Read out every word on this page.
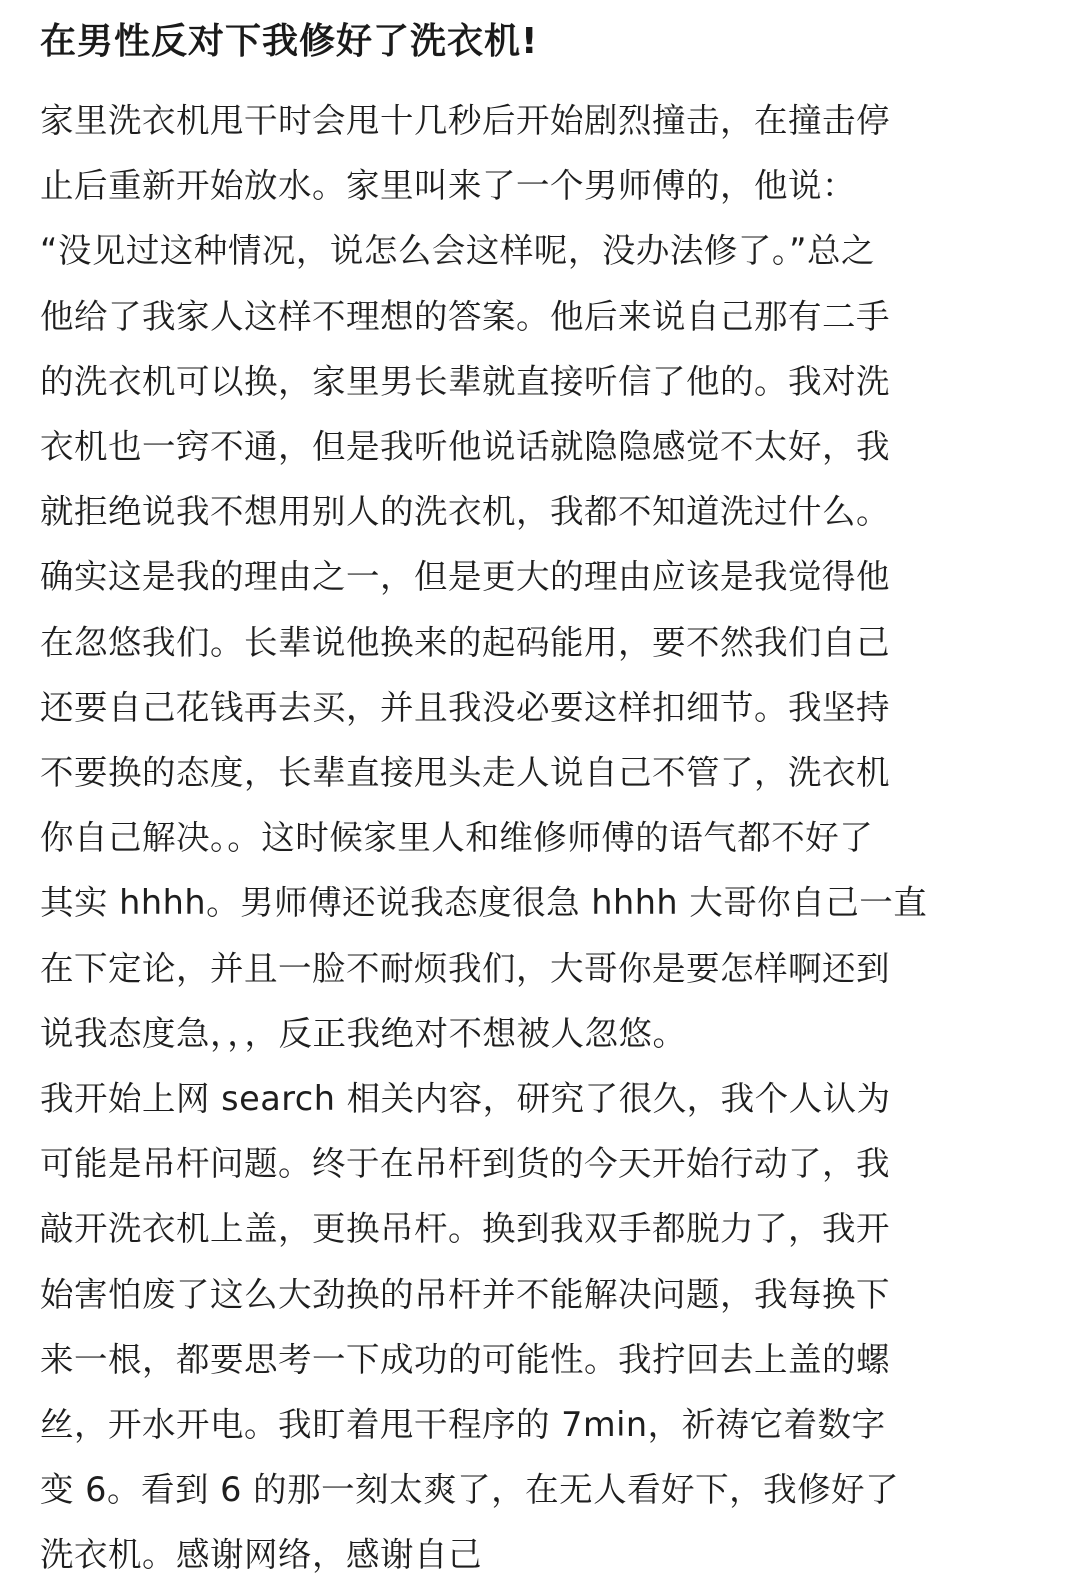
在男性反对下我修好了洗衣机!

家里洗衣机甩干时会甩十几秒后开始剧烈撞击，在撞击停
止后重新开始放水。家里叫来了一个男师傅的，他说：
“没见过这种情况，说怎么会这样呢，没办法修了。”总之
他给了我家人这样不理想的答案。他后来说自己那有二手
的洗衣机可以换，家里男长辈就直接听信了他的。我对洗
衣机也一窍不通，但是我听他说话就隐隐感觉不太好，我
就拒绝说我不想用别人的洗衣机，我都不知道洗过什么。
确实这是我的理由之一，但是更大的理由应该是我觉得他
在忽悠我们。长辈说他换来的起码能用，要不然我们自己
还要自己花钱再去买，并且我没必要这样扣细节。我坚持
不要换的态度，长辈直接甩头走人说自己不管了，洗衣机
你自己解决。。这时候家里人和维修师傅的语气都不好了
其实 hhhh。男师傅还说我态度很急 hhhh 大哥你自己一直
在下定论，并且一脸不耐烦我们，大哥你是要怎样啊还到
说我态度急，，，反正我绝对不想被人忽悠。

我开始上网 search 相关内容，研究了很久，我个人认为
可能是吊杆问题。终于在吊杆到货的今天开始行动了，我
敲开洗衣机上盖，更换吊杆。换到我双手都脱力了，我开
始害怕废了这么大劲换的吊杆并不能解决问题，我每换下
来一根，都要思考一下成功的可能性。我拧回去上盖的螺
丝，开水开电。我盯着甩干程序的 7min，祈祷它着数字
变 6。看到 6 的那一刻太爽了，在无人看好下，我修好了
洗衣机。感谢网络，感谢自己
